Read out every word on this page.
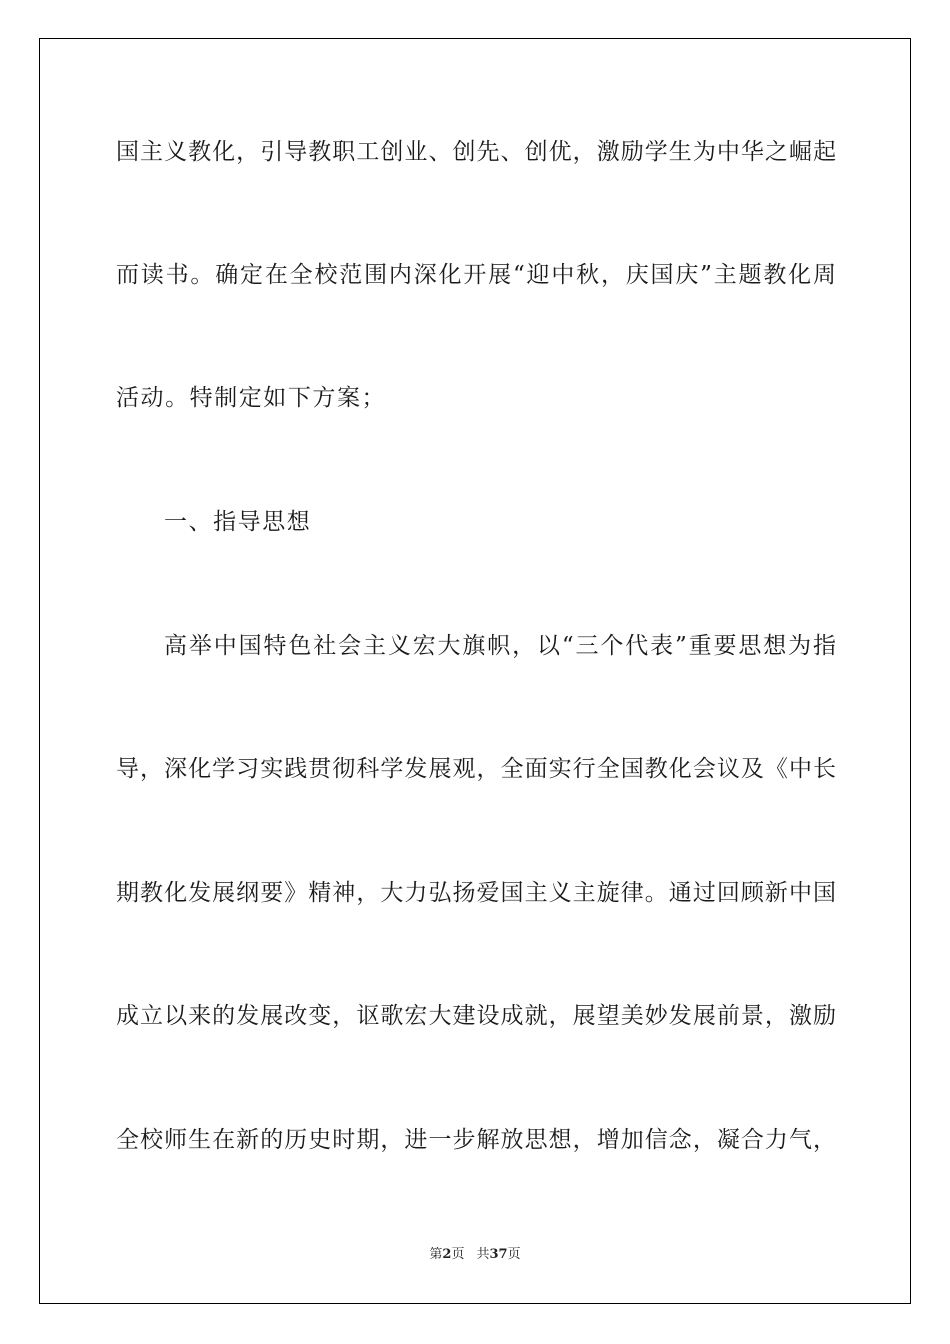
国主义教化，引导教职工创业、创先、创优，激励学生为中华之崛起
而读书。确定在全校范围内深化开展“迎中秋，庆国庆”主题教化周
活动。特制定如下方案；
一、指导思想
高举中国特色社会主义宏大旗帜，以“三个代表”重要思想为指
导，深化学习实践贯彻科学发展观，全面实行全国教化会议及《中长
期教化发展纲要》精神，大力弘扬爱国主义主旋律。通过回顾新中国
成立以来的发展改变，讴歌宏大建设成就，展望美妙发展前景，激励
全校师生在新的历史时期，进一步解放思想，增加信念，凝合力气，
第2页 共37页
